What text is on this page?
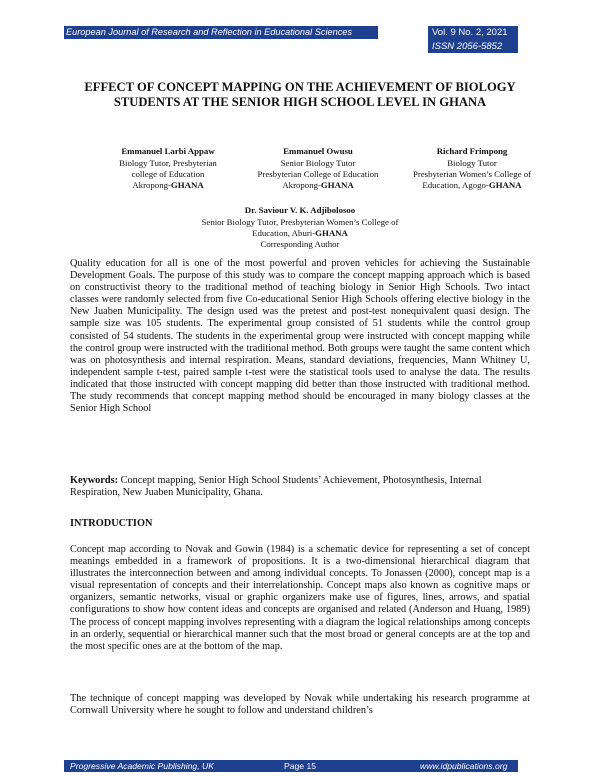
European Journal of Research and Reflection in Educational Sciences	Vol. 9 No. 2, 2021
ISSN 2056-5852
EFFECT OF CONCEPT MAPPING ON THE ACHIEVEMENT OF BIOLOGY STUDENTS AT THE SENIOR HIGH SCHOOL LEVEL IN GHANA
Emmanuel Larbi Appaw
Biology Tutor, Presbyterian
college of Education
Akropong-GHANA
Emmanuel Owusu
Senior Biology Tutor
Presbyterian College of Education
Akropong-GHANA
Richard Frimpong
Biology Tutor
Presbyterian Women’s College of
Education, Agogo-GHANA
Dr. Saviour V. K. Adjibolosoo
Senior Biology Tutor, Presbyterian Women’s College of
Education, Aburi-GHANA
Corresponding Author
Quality education for all is one of the most powerful and proven vehicles for achieving the Sustainable Development Goals. The purpose of this study was to compare the concept mapping approach which is based on constructivist theory to the traditional method of teaching biology in Senior High Schools. Two intact classes were randomly selected from five Co-educational Senior High Schools offering elective biology in the New Juaben Municipality. The design used was the pretest and post-test nonequivalent quasi design. The sample size was 105 students. The experimental group consisted of 51 students while the control group consisted of 54 students. The students in the experimental group were instructed with concept mapping while the control group were instructed with the traditional method. Both groups were taught the same content which was on photosynthesis and internal respiration. Means, standard deviations, frequencies, Mann Whitney U, independent sample t-test, paired sample t-test were the statistical tools used to analyse the data. The results indicated that those instructed with concept mapping did better than those instructed with traditional method. The study recommends that concept mapping method should be encouraged in many biology classes at the Senior High School
Keywords: Concept mapping, Senior High School Students’ Achievement, Photosynthesis, Internal Respiration, New Juaben Municipality, Ghana.
INTRODUCTION
Concept map according to Novak and Gowin (1984) is a schematic device for representing a set of concept meanings embedded in a framework of propositions. It is a two-dimensional hierarchical diagram that illustrates the interconnection between and among individual concepts. To Jonassen (2000), concept map is a visual representation of concepts and their interrelationship. Concept maps also known as cognitive maps or organizers, semantic networks, visual or graphic organizers make use of figures, lines, arrows, and spatial configurations to show how content ideas and concepts are organised and related (Anderson and Huang, 1989) The process of concept mapping involves representing with a diagram the logical relationships among concepts in an orderly, sequential or hierarchical manner such that the most broad or general concepts are at the top and the most specific ones are at the bottom of the map.
The technique of concept mapping was developed by Novak while undertaking his research programme at Cornwall University where he sought to follow and understand children’s
Progressive Academic Publishing, UK	Page 15	www.idpublications.org
